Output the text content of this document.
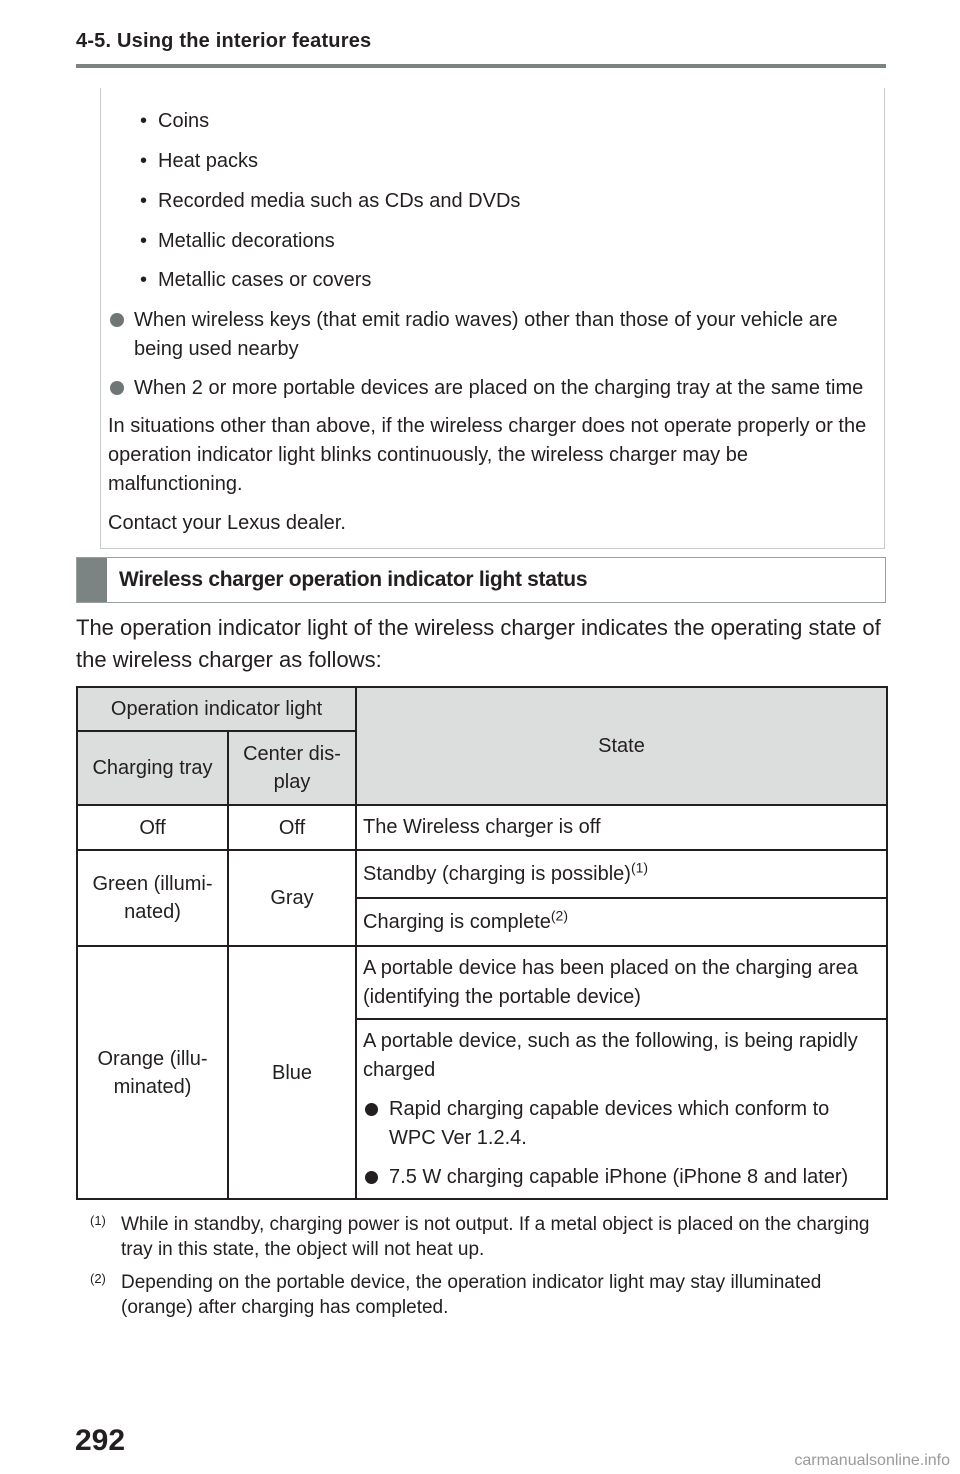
4-5. Using the interior features
• Coins
• Heat packs
• Recorded media such as CDs and DVDs
• Metallic decorations
• Metallic cases or covers
When wireless keys (that emit radio waves) other than those of your vehicle are being used nearby
When 2 or more portable devices are placed on the charging tray at the same time
In situations other than above, if the wireless charger does not operate properly or the operation indicator light blinks continuously, the wireless charger may be malfunctioning.
Contact your Lexus dealer.
Wireless charger operation indicator light status
The operation indicator light of the wireless charger indicates the operating state of the wireless charger as follows:
Operation indicator light		State
Charging tray	Center dis-play	

Off	Off	The Wireless charger is off

Green (illumi-nated)	Gray	Standby (charging is possible)$^{(1)}$
		Charging is complete$^{(2)}$

Orange (illu-minated)	Blue	A portable device has been placed on the charging area (identifying the portable device)

		A portable device, such as the following, is being rapidly charged
Rapid charging capable devices which conform to WPC Ver 1.2.4.
7.5 W charging capable iPhone (iPhone 8 and later)
(1) While in standby, charging power is not output. If a metal object is placed on the charging tray in this state, the object will not heat up.
(2) Depending on the portable device, the operation indicator light may stay illuminated (orange) after charging has completed.
292
carmanualsonline.info
